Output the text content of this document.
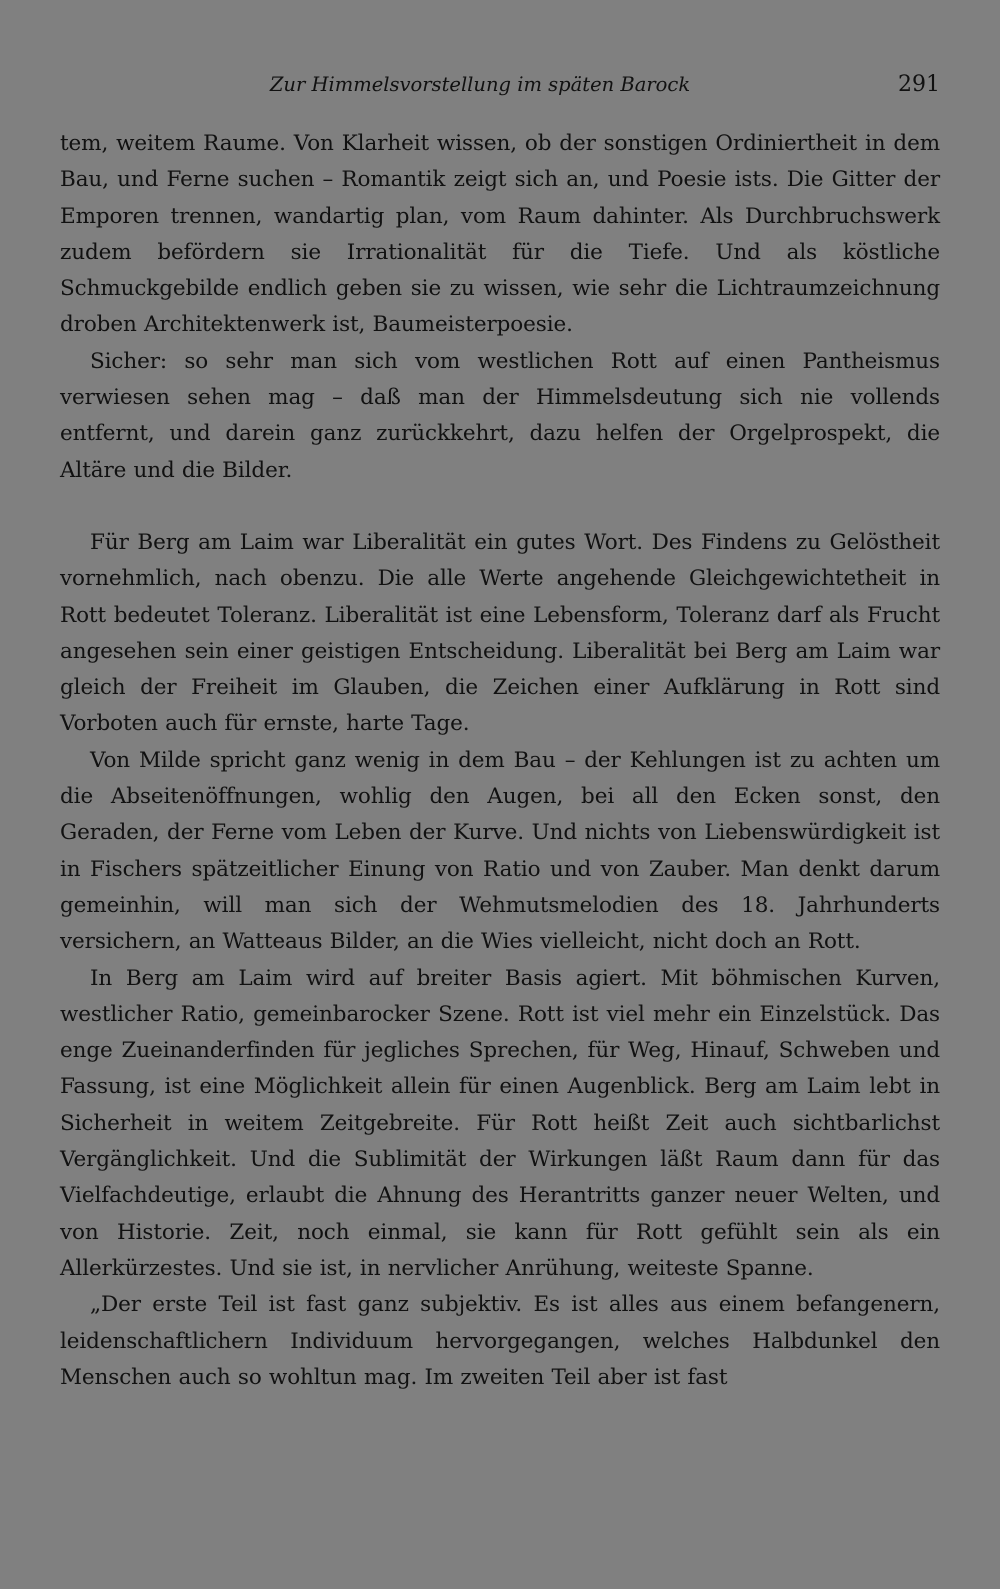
Zur Himmelsvorstellung im späten Barock	291

tem, weitem Raume. Von Klarheit wissen, ob der sonstigen Ordiniertheit in dem Bau, und Ferne suchen – Romantik zeigt sich an, und Poesie ists. Die Gitter der Emporen trennen, wandartig plan, vom Raum dahinter. Als Durchbruchswerk zudem befördern sie Irrationalität für die Tiefe. Und als köstliche Schmuckgebilde endlich geben sie zu wissen, wie sehr die Lichtraumzeichnung droben Architektenwerk ist, Baumeisterpoesie.

Sicher: so sehr man sich vom westlichen Rott auf einen Pantheismus verwiesen sehen mag – daß man der Himmelsdeutung sich nie vollends entfernt, und darein ganz zurückkehrt, dazu helfen der Orgelprospekt, die Altäre und die Bilder.

Für Berg am Laim war Liberalität ein gutes Wort. Des Findens zu Gelöstheit vornehmlich, nach obenzu. Die alle Werte angehende Gleichgewichtetheit in Rott bedeutet Toleranz. Liberalität ist eine Lebensform, Toleranz darf als Frucht angesehen sein einer geistigen Entscheidung. Liberalität bei Berg am Laim war gleich der Freiheit im Glauben, die Zeichen einer Aufklärung in Rott sind Vorboten auch für ernste, harte Tage.

Von Milde spricht ganz wenig in dem Bau – der Kehlungen ist zu achten um die Abseitenöffnungen, wohlig den Augen, bei all den Ecken sonst, den Geraden, der Ferne vom Leben der Kurve. Und nichts von Liebenswürdigkeit ist in Fischers spätzeitlicher Einung von Ratio und von Zauber. Man denkt darum gemeinhin, will man sich der Wehmutsmelodien des 18. Jahrhunderts versichern, an Watteaus Bilder, an die Wies vielleicht, nicht doch an Rott.

In Berg am Laim wird auf breiter Basis agiert. Mit böhmischen Kurven, westlicher Ratio, gemeinbarocker Szene. Rott ist viel mehr ein Einzelstück. Das enge Zueinanderfinden für jegliches Sprechen, für Weg, Hinauf, Schweben und Fassung, ist eine Möglichkeit allein für einen Augenblick. Berg am Laim lebt in Sicherheit in weitem Zeitgebreite. Für Rott heißt Zeit auch sichtbarlichst Vergänglichkeit. Und die Sublimität der Wirkungen läßt Raum dann für das Vielfachdeutige, erlaubt die Ahnung des Herantritts ganzer neuer Welten, und von Historie. Zeit, noch einmal, sie kann für Rott gefühlt sein als ein Allerkürzestes. Und sie ist, in nervlicher Anrühung, weiteste Spanne.

„Der erste Teil ist fast ganz subjektiv. Es ist alles aus einem befangenern, leidenschaftlichern Individuum hervorgegangen, welches Halbdunkel den Menschen auch so wohltun mag. Im zweiten Teil aber ist fast
